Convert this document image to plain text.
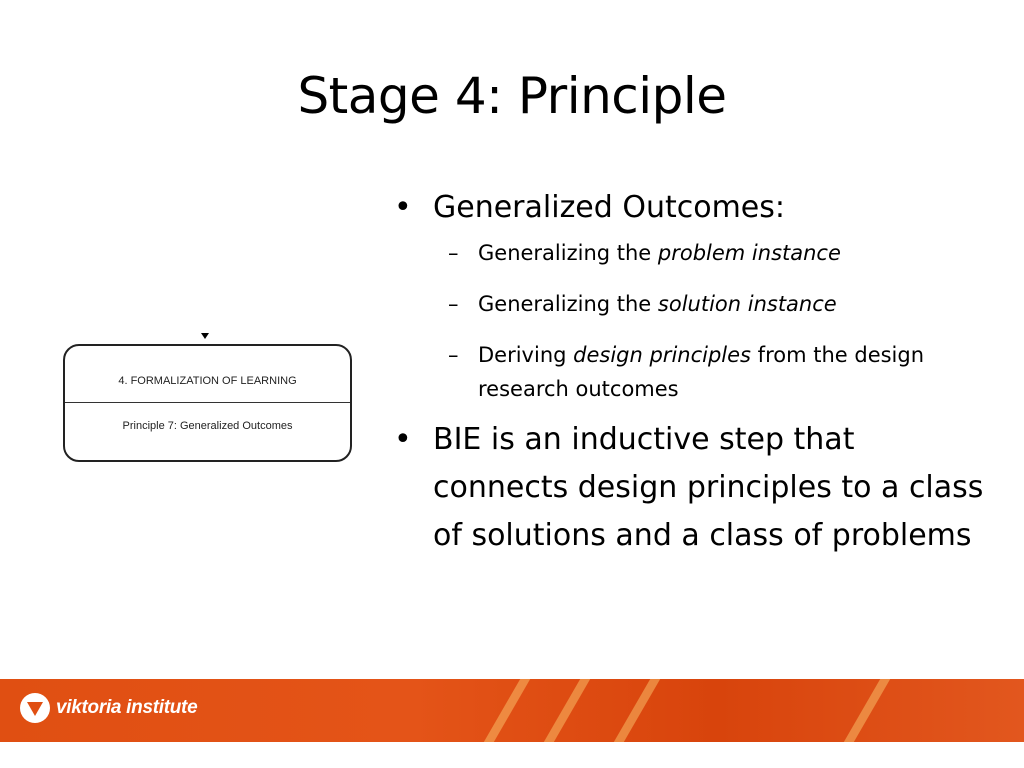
Stage 4: Principle
• Generalized Outcomes:
– Generalizing the problem instance
– Generalizing the solution instance
– Deriving design principles from the design research outcomes
• BIE is an inductive step that connects design principles to a class of solutions and a class of problems
4. FORMALIZATION OF LEARNING
Principle 7: Generalized Outcomes
viktoria institute
